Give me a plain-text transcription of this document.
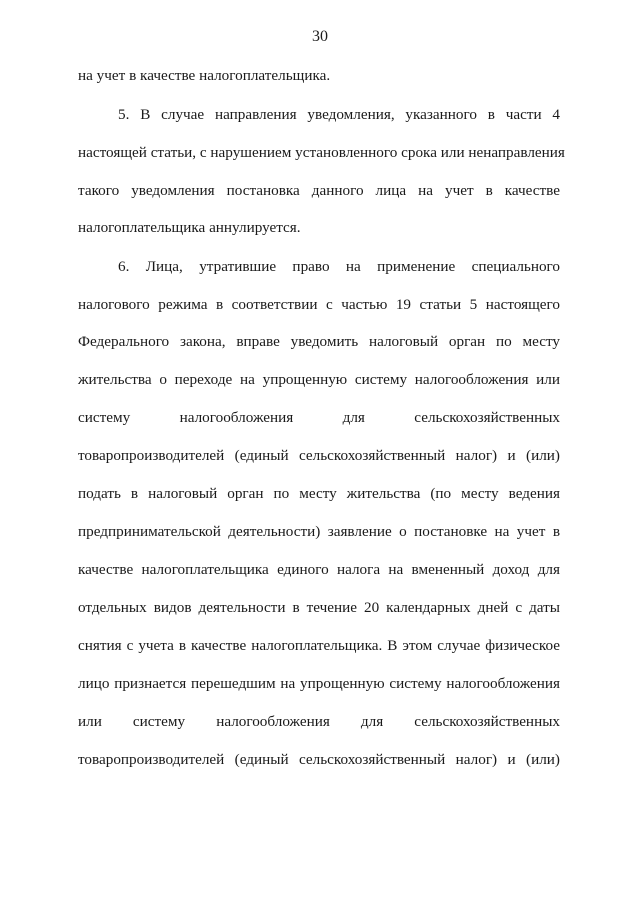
30
на учет в качестве налогоплательщика.
5. В случае направления уведомления, указанного в части 4
настоящей статьи, с нарушением установленного срока или ненаправления
такого уведомления постановка данного лица на учет в качестве
налогоплательщика аннулируется.
6. Лица, утратившие право на применение специального
налогового режима в соответствии с частью 19 статьи 5 настоящего
Федерального закона, вправе уведомить налоговый орган по месту
жительства о переходе на упрощенную систему налогообложения или
систему налогообложения для сельскохозяйственных
товаропроизводителей (единый сельскохозяйственный налог) и (или)
подать в налоговый орган по месту жительства (по месту ведения
предпринимательской деятельности) заявление о постановке на учет в
качестве налогоплательщика единого налога на вмененный доход для
отдельных видов деятельности в течение 20 календарных дней с даты
снятия с учета в качестве налогоплательщика. В этом случае физическое
лицо признается перешедшим на упрощенную систему налогообложения
или систему налогообложения для сельскохозяйственных
товаропроизводителей (единый сельскохозяйственный налог) и (или)
